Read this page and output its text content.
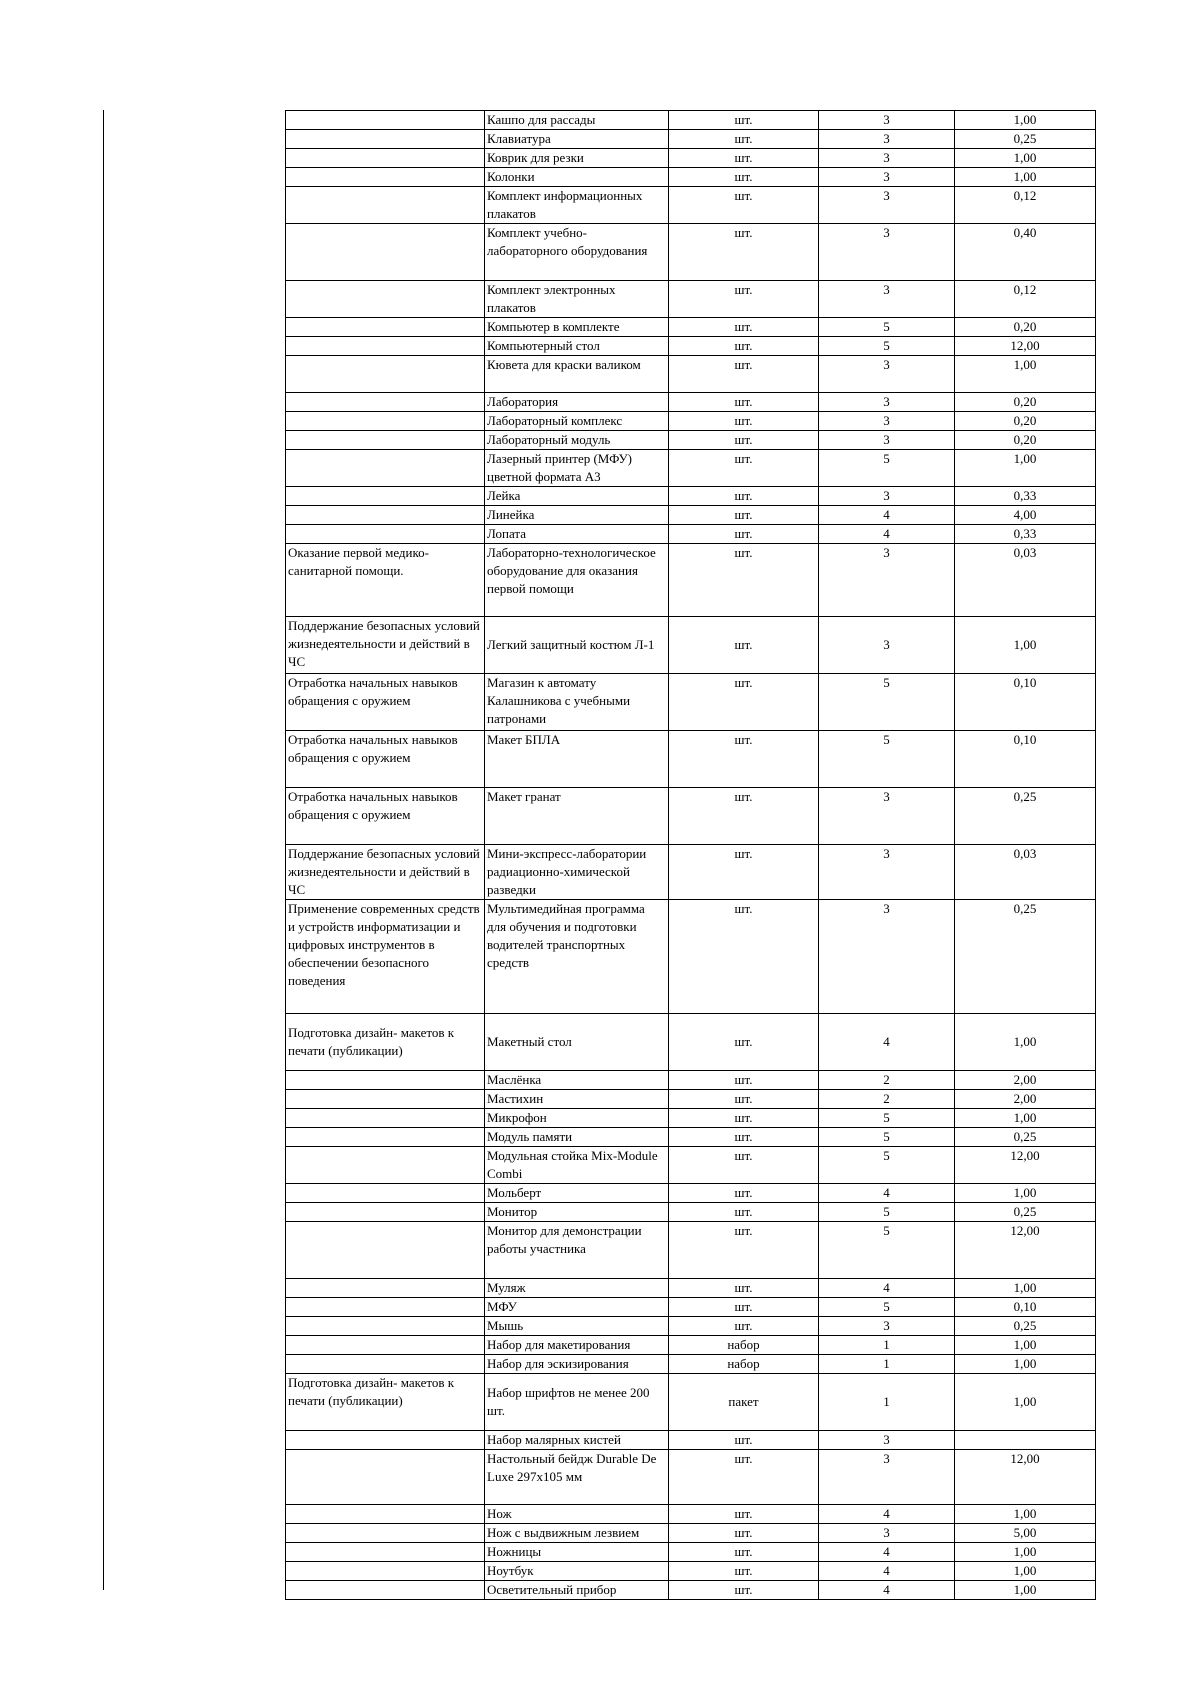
	Кашпо для рассады	шт.	3	1,00
	Клавиатура	шт.	3	0,25
	Коврик для резки	шт.	3	1,00
	Колонки	шт.	3	1,00
	Комплект информационных плакатов	шт.	3	0,12
	Комплект учебно-лабораторного оборудования	шт.	3	0,40
	Комплект электронных плакатов	шт.	3	0,12
	Компьютер в комплекте	шт.	5	0,20
	Компьютерный стол	шт.	5	12,00
	Кювета для краски валиком	шт.	3	1,00
	Лаборатория	шт.	3	0,20
	Лабораторный комплекс	шт.	3	0,20
	Лабораторный модуль	шт.	3	0,20
	Лазерный принтер (МФУ) цветной формата А3	шт.	5	1,00
	Лейка	шт.	3	0,33
	Линейка	шт.	4	4,00
	Лопата	шт.	4	0,33
Оказание первой медико-санитарной помощи.	Лабораторно-технологическое оборудование для оказания первой помощи	шт.	3	0,03
Поддержание безопасных условий жизнедеятельности и действий в ЧС	Легкий защитный костюм Л-1	шт.	3	1,00
Отработка начальных навыков обращения с оружием	Магазин к автомату Калашникова с учебными патронами	шт.	5	0,10
Отработка начальных навыков обращения с оружием	Макет БПЛА	шт.	5	0,10
Отработка начальных навыков обращения с оружием	Макет гранат	шт.	3	0,25
Поддержание безопасных условий жизнедеятельности и действий в ЧС	Мини-экспресс-лаборатории радиационно-химической разведки	шт.	3	0,03
Применение современных средств и устройств информатизации и цифровых инструментов в обеспечении безопасного поведения	Мультимедийная программа для обучения и подготовки водителей транспортных средств	шт.	3	0,25
Подготовка дизайн- макетов к печати (публикации)	Макетный стол	шт.	4	1,00
	Маслёнка	шт.	2	2,00
	Мастихин	шт.	2	2,00
	Микрофон	шт.	5	1,00
	Модуль памяти	шт.	5	0,25
	Модульная стойка Mix-Module Combi	шт.	5	12,00
	Мольберт	шт.	4	1,00
	Монитор	шт.	5	0,25
	Монитор для демонстрации работы участника	шт.	5	12,00
	Муляж	шт.	4	1,00
	МФУ	шт.	5	0,10
	Мышь	шт.	3	0,25
	Набор для макетирования	набор	1	1,00
	Набор для эскизирования	набор	1	1,00
Подготовка дизайн- макетов к печати (публикации)	Набор шрифтов не менее 200 шт.	пакет	1	1,00
	Набор малярных кистей	шт.	3	
	Настольный бейдж Durable De Luxe 297x105 мм	шт.	3	12,00
	Нож	шт.	4	1,00
	Нож с выдвижным лезвием	шт.	3	5,00
	Ножницы	шт.	4	1,00
	Ноутбук	шт.	4	1,00
	Осветительный прибор	шт.	4	1,00
